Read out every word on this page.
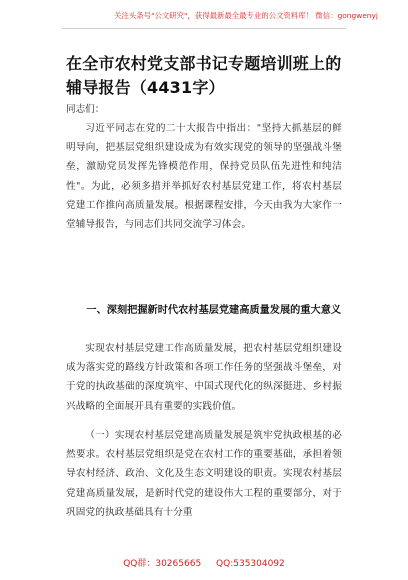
关注头条号"公文研究"，获得最新最全最专业的公文资料库！ 微信：gongwenyj
在全市农村党支部书记专题培训班上的辅导报告（4431字）
同志们：
习近平同志在党的二十大报告中指出："坚持大抓基层的鲜明导向，把基层党组织建设成为有效实现党的领导的坚强战斗堡垒，激励党员发挥先锋模范作用，保持党员队伍先进性和纯洁性"。为此，必须多措并举抓好农村基层党建工作，将农村基层党建工作推向高质量发展。根据课程安排，今天由我为大家作一堂辅导报告，与同志们共同交流学习体会。
一、深刻把握新时代农村基层党建高质量发展的重大意义
实现农村基层党建工作高质量发展，把农村基层党组织建设成为落实党的路线方针政策和各项工作任务的坚强战斗堡垒，对于党的执政基础的深度筑牢、中国式现代化的纵深挺进、乡村振兴战略的全面展开具有重要的实践价值。
（一）实现农村基层党建高质量发展是筑牢党执政根基的必然要求。农村基层党组织是党在农村工作的重要基础，承担着领导农村经济、政治、文化及生态文明建设的职责。实现农村基层党建高质量发展，是新时代党的建设伟大工程的重要部分，对于巩固党的执政基础具有十分重
QQ群：30265665 QQ:535304092
